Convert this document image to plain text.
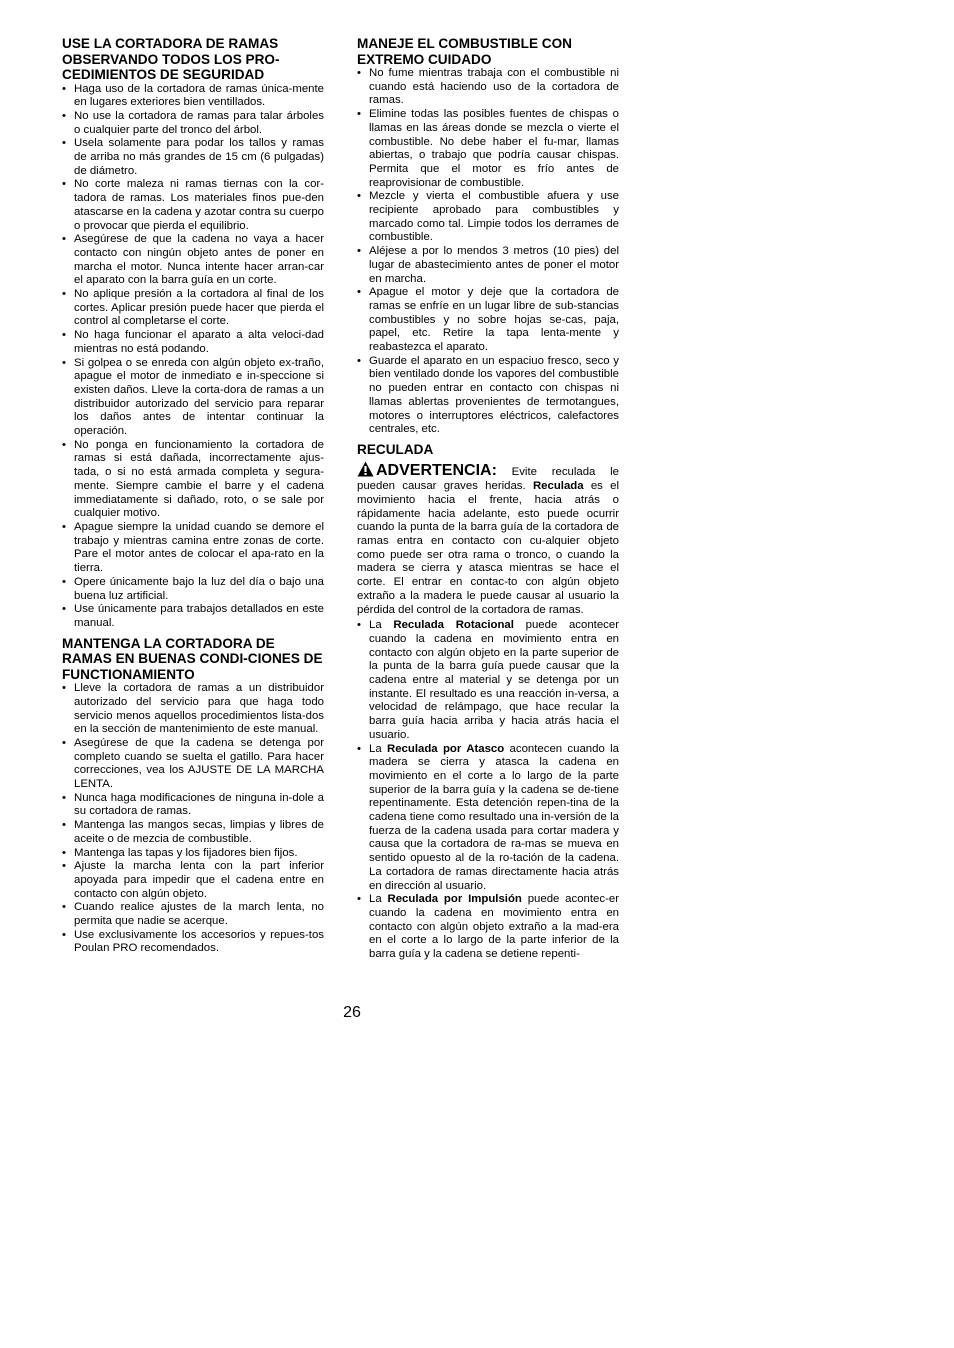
USE LA CORTADORA DE RAMAS OBSERVANDO TODOS LOS PRO-CEDIMIENTOS DE SEGURIDAD
• Haga uso de la cortadora de ramas única-mente en lugares exteriores bien ventillados.
• No use la cortadora de ramas para talar árboles o cualquier parte del tronco del árbol.
• Usela solamente para podar los tallos y ramas de arriba no más grandes de 15 cm (6 pulgadas) de diámetro.
• No corte maleza ni ramas tiernas con la cor-tadora de ramas. Los materiales finos pue-den atascarse en la cadena y azotar contra su cuerpo o provocar que pierda el equilibrio.
• Asegúrese de que la cadena no vaya a hacer contacto con ningún objeto antes de poner en marcha el motor. Nunca intente hacer arran-car el aparato con la barra guía en un corte.
• No aplique presión a la cortadora al final de los cortes. Aplicar presión puede hacer que pierda el control al completarse el corte.
• No haga funcionar el aparato a alta veloci-dad mientras no está podando.
• Si golpea o se enreda con algún objeto ex-traño, apague el motor de inmediato e in-speccione si existen daños. Lleve la corta-dora de ramas a un distribuidor autorizado del servicio para reparar los daños antes de intentar continuar la operación.
• No ponga en funcionamiento la cortadora de ramas si está dañada, incorrectamente ajus-tada, o si no está armada completa y segura-mente. Siempre cambie el barre y el cadena immediatamente si dañado, roto, o se sale por cualquier motivo.
• Apague siempre la unidad cuando se demore el trabajo y mientras camina entre zonas de corte. Pare el motor antes de colocar el apa-rato en la tierra.
• Opere únicamente bajo la luz del día o bajo una buena luz artificial.
• Use únicamente para trabajos detallados en este manual.
MANTENGA LA CORTADORA DE RAMAS EN BUENAS CONDI-CIONES DE FUNCTIONAMIENTO
• Lleve la cortadora de ramas a un distribuidor autorizado del servicio para que haga todo servicio menos aquellos procedimientos lista-dos en la sección de mantenimiento de este manual.
• Asegúrese de que la cadena se detenga por completo cuando se suelta el gatillo. Para hacer correcciones, vea los AJUSTE DE LA MARCHA LENTA.
• Nunca haga modificaciones de ninguna in-dole a su cortadora de ramas.
• Mantenga las mangos secas, limpias y libres de aceite o de mezcia de combustible.
• Mantenga las tapas y los fijadores bien fijos.
• Ajuste la marcha lenta con la part inferior apoyada para impedir que el cadena entre en contacto con algún objeto.
• Cuando realice ajustes de la march lenta, no permita que nadie se acerque.
• Use exclusivamente los accesorios y repues-tos Poulan PRO recomendados.
MANEJE EL COMBUSTIBLE CON EXTREMO CUIDADO
• No fume mientras trabaja con el combustible ni cuando está haciendo uso de la cortadora de ramas.
• Elimine todas las posibles fuentes de chispas o llamas en las áreas donde se mezcla o vierte el combustible. No debe haber el fu-mar, llamas abiertas, o trabajo que podría causar chispas. Permita que el motor es frío antes de reaprovisionar de combustible.
• Mezcle y vierta el combustible afuera y use recipiente aprobado para combustibles y marcado como tal. Limpie todos los derrames de combustible.
• Aléjese a por lo mendos 3 metros (10 pies) del lugar de abastecimiento antes de poner el motor en marcha.
• Apague el motor y deje que la cortadora de ramas se enfríe en un lugar libre de sub-stancias combustibles y no sobre hojas se-cas, paja, papel, etc. Retire la tapa lenta-mente y reabastezca el aparato.
• Guarde el aparato en un espaciuo fresco, seco y bien ventilado donde los vapores del combustible no pueden entrar en contacto con chispas ni llamas ablertas provenientes de termotangues, motores o interruptores eléctricos, calefactores centrales, etc.
RECULADA

ADVERTENCIA: Evite reculada le pueden causar graves heridas. Reculada es el movimiento hacia el frente, hacia atrás o rápidamente hacia adelante, esto puede ocurrir cuando la punta de la barra guía de la cortadora de ramas entra en contacto con cu-alquier objeto como puede ser otra rama o tronco, o cuando la madera se cierra y atasca mientras se hace el corte. El entrar en contac-to con algún objeto extraño a la madera le puede causar al usuario la pérdida del control de la cortadora de ramas.

• La Reculada Rotacional puede acontecer cuando la cadena en movimiento entra en contacto con algún objeto en la parte superior de la punta de la barra guía puede causar que la cadena entre al material y se detenga por un instante. El resultado es una reacción in-versa, a velocidad de relámpago, que hace recular la barra guía hacia arriba y hacia atrás hacia el usuario.
• La Reculada por Atasco acontecen cuando la madera se cierra y atasca la cadena en movimiento en el corte a lo largo de la parte superior de la barra guía y la cadena se de-tiene repentinamente. Esta detención repen-tina de la cadena tiene como resultado una in-versión de la fuerza de la cadena usada para cortar madera y causa que la cortadora de ra-mas se mueva en sentido opuesto al de la ro-tación de la cadena. La cortadora de ramas directamente hacia atrás en dirección al usuario.
• La Reculada por Impulsión puede acontec-er cuando la cadena en movimiento entra en contacto con algún objeto extraño a la mad-era en el corte a lo largo de la parte inferior de la barra guía y la cadena se detiene repenti-
26
